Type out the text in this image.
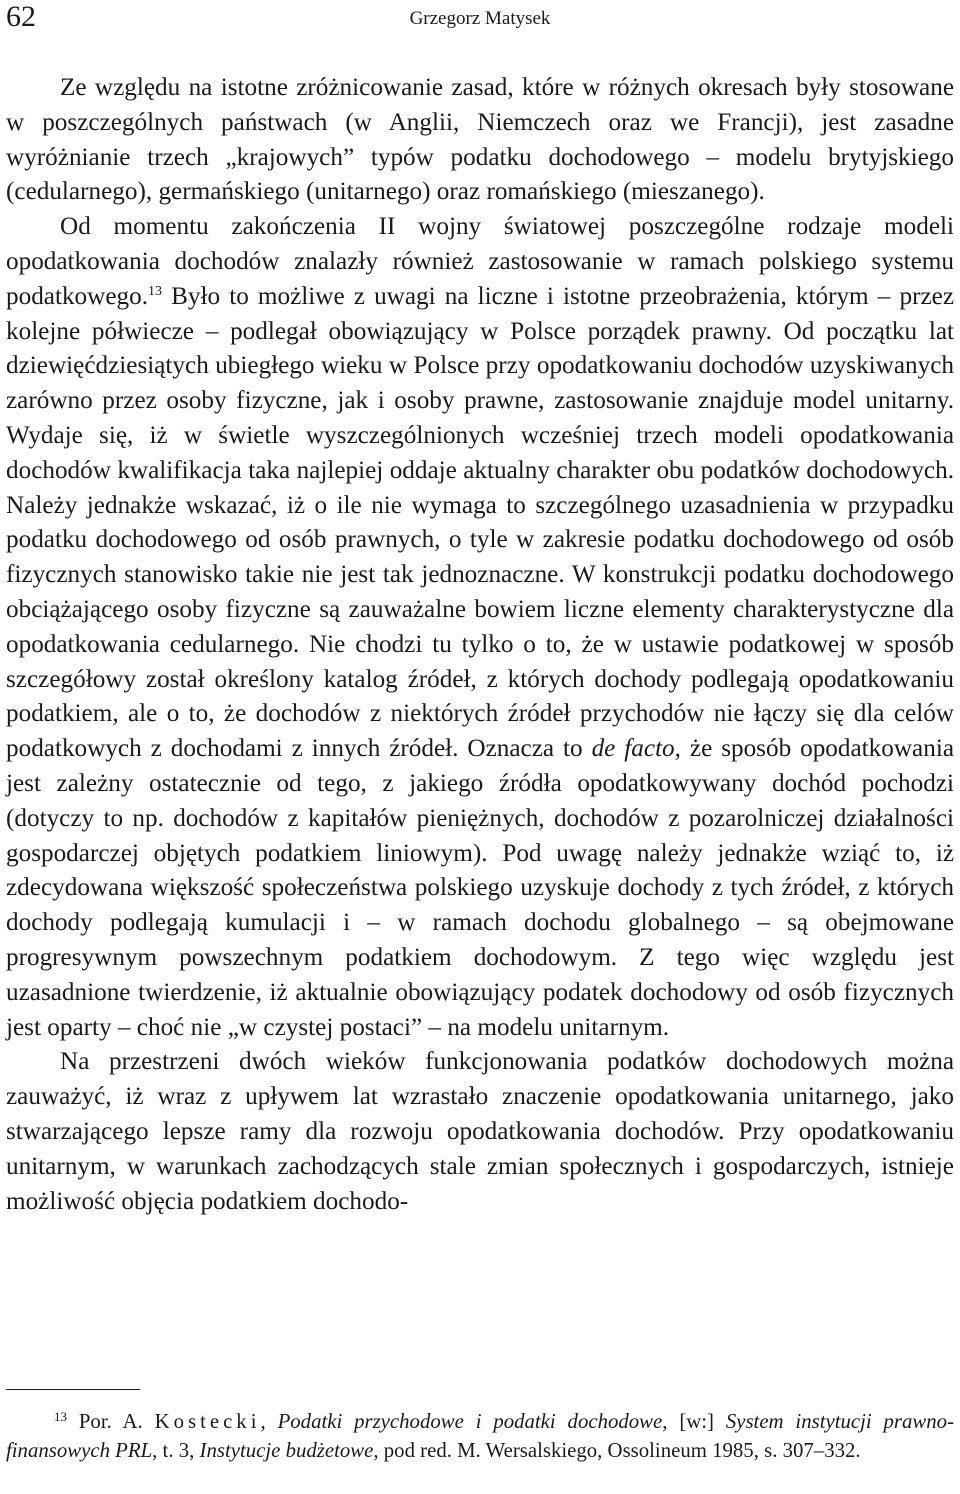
62	Grzegorz Matysek

Ze względu na istotne zróżnicowanie zasad, które w różnych okresach były stosowane w poszczególnych państwach (w Anglii, Niemczech oraz we Francji), jest zasadne wyróżnianie trzech „krajowych” typów podatku dochodowego – modelu brytyjskiego (cedularnego), germańskiego (unitarnego) oraz romańskiego (mieszanego).

Od momentu zakończenia II wojny światowej poszczególne rodzaje modeli opodatkowania dochodów znalazły również zastosowanie w ramach polskiego systemu podatkowego.$^{13}$ Było to możliwe z uwagi na liczne i istotne przeobrażenia, którym – przez kolejne półwiecze – podlegał obowiązujący w Polsce porządek prawny. Od początku lat dziewięćdziesiątych ubiegłego wieku w Polsce przy opodatkowaniu dochodów uzyskiwanych zarówno przez osoby fizyczne, jak i osoby prawne, zastosowanie znajduje model unitarny. Wydaje się, iż w świetle wyszczególnionych wcześniej trzech modeli opodatkowania dochodów kwalifikacja taka najlepiej oddaje aktualny charakter obu podatków dochodowych. Należy jednakże wskazać, iż o ile nie wymaga to szczególnego uzasadnienia w przypadku podatku dochodowego od osób prawnych, o tyle w zakresie podatku dochodowego od osób fizycznych stanowisko takie nie jest tak jednoznaczne. W konstrukcji podatku dochodowego obciążającego osoby fizyczne są zauważalne bowiem liczne elementy charakterystyczne dla opodatkowania cedularnego. Nie chodzi tu tylko o to, że w ustawie podatkowej w sposób szczegółowy został określony katalog źródeł, z których dochody podlegają opodatkowaniu podatkiem, ale o to, że dochodów z niektórych źródeł przychodów nie łączy się dla celów podatkowych z dochodami z innych źródeł. Oznacza to de facto, że sposób opodatkowania jest zależny ostatecznie od tego, z jakiego źródła opodatkowywany dochód pochodzi (dotyczy to np. dochodów z kapitałów pieniężnych, dochodów z pozarolniczej działalności gospodarczej objętych podatkiem liniowym). Pod uwagę należy jednakże wziąć to, iż zdecydowana większość społeczeństwa polskiego uzyskuje dochody z tych źródeł, z których dochody podlegają kumulacji i – w ramach dochodu globalnego – są obejmowane progresywnym powszechnym podatkiem dochodowym. Z tego więc względu jest uzasadnione twierdzenie, iż aktualnie obowiązujący podatek dochodowy od osób fizycznych jest oparty – choć nie „w czystej postaci” – na modelu unitarnym.

Na przestrzeni dwóch wieków funkcjonowania podatków dochodowych można zauważyć, iż wraz z upływem lat wzrastało znaczenie opodatkowania unitarnego, jako stwarzającego lepsze ramy dla rozwoju opodatkowania dochodów. Przy opodatkowaniu unitarnym, w warunkach zachodzących stale zmian społecznych i gospodarczych, istnieje możliwość objęcia podatkiem dochodo-

$^{13}$ Por. A. Kostecki, Podatki przychodowe i podatki dochodowe, [w:] System instytucji prawno-finansowych PRL, t. 3, Instytucje budżetowe, pod red. M. Wersalskiego, Ossolineum 1985, s. 307–332.
